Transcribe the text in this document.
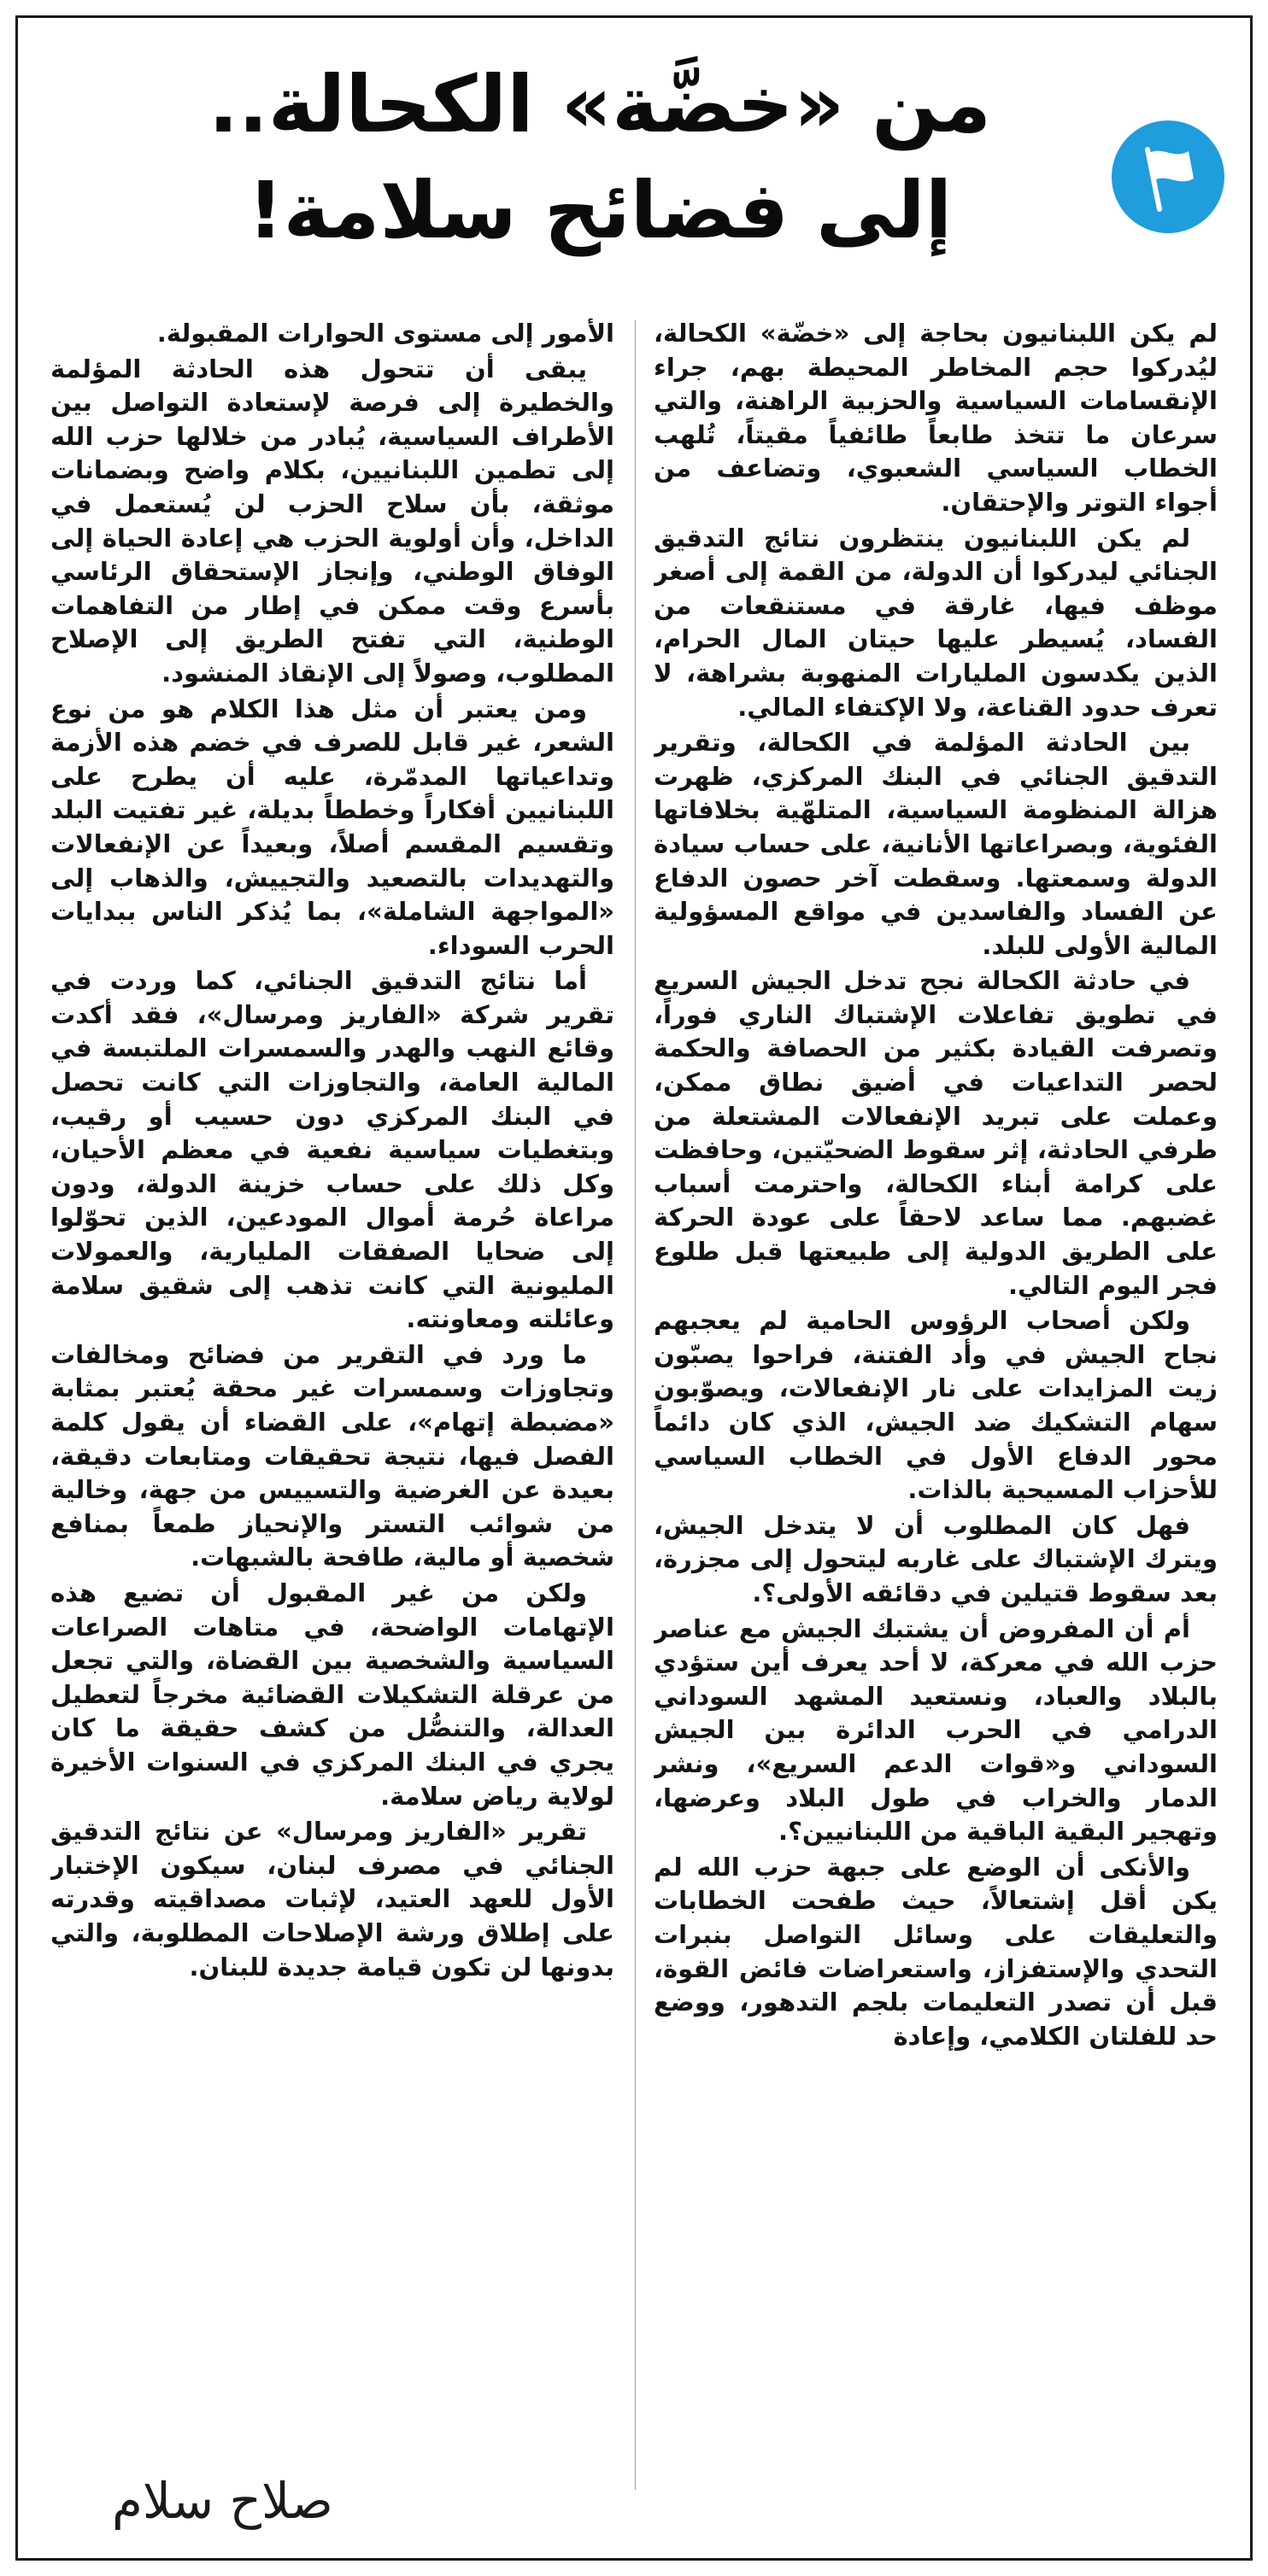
من «خضَّة» الكحالة..
إلى فضائح سلامة!

لم يكن اللبنانيون بحاجة إلى «خضّة» الكحالة، ليُدركوا حجم المخاطر المحيطة بهم، جراء الإنقسامات السياسية والحزبية الراهنة، والتي سرعان ما تتخذ طابعاً طائفياً مقيتاً، تُلهب الخطاب السياسي الشعبوي، وتضاعف من أجواء التوتر والإحتقان.

لم يكن اللبنانيون ينتظرون نتائج التدقيق الجنائي ليدركوا أن الدولة، من القمة إلى أصغر موظف فيها، غارقة في مستنقعات من الفساد، يُسيطر عليها حيتان المال الحرام، الذين يكدسون المليارات المنهوبة بشراهة، لا تعرف حدود القناعة، ولا الإكتفاء المالي.

بين الحادثة المؤلمة في الكحالة، وتقرير التدقيق الجنائي في البنك المركزي، ظهرت هزالة المنظومة السياسية، المتلهّية بخلافاتها الفئوية، وبصراعاتها الأنانية، على حساب سيادة الدولة وسمعتها. وسقطت آخر حصون الدفاع عن الفساد والفاسدين في مواقع المسؤولية المالية الأولى للبلد.

في حادثة الكحالة نجح تدخل الجيش السريع في تطويق تفاعلات الإشتباك الناري فوراً، وتصرفت القيادة بكثير من الحصافة والحكمة لحصر التداعيات في أضيق نطاق ممكن، وعملت على تبريد الإنفعالات المشتعلة من طرفي الحادثة، إثر سقوط الضحيّتين، وحافظت على كرامة أبناء الكحالة، واحترمت أسباب غضبهم. مما ساعد لاحقاً على عودة الحركة على الطريق الدولية إلى طبيعتها قبل طلوع فجر اليوم التالي.

ولكن أصحاب الرؤوس الحامية لم يعجبهم نجاح الجيش في وأد الفتنة، فراحوا يصبّون زيت المزايدات على نار الإنفعالات، ويصوّبون سهام التشكيك ضد الجيش، الذي كان دائماً محور الدفاع الأول في الخطاب السياسي للأحزاب المسيحية بالذات.

فهل كان المطلوب أن لا يتدخل الجيش، ويترك الإشتباك على غاربه ليتحول إلى مجزرة، بعد سقوط قتيلين في دقائقه الأولى؟.

أم أن المفروض أن يشتبك الجيش مع عناصر حزب الله في معركة، لا أحد يعرف أين ستؤدي بالبلاد والعباد، ونستعيد المشهد السوداني الدرامي في الحرب الدائرة بين الجيش السوداني و«قوات الدعم السريع»، ونشر الدمار والخراب في طول البلاد وعرضها، وتهجير البقية الباقية من اللبنانيين؟.

والأنكى أن الوضع على جبهة حزب الله لم يكن أقل إشتعالاً، حيث طفحت الخطابات والتعليقات على وسائل التواصل بنبرات التحدي والإستفزاز، واستعراضات فائض القوة، قبل أن تصدر التعليمات بلجم التدهور، ووضع حد للفلتان الكلامي، وإعادة

الأمور إلى مستوى الحوارات المقبولة.

يبقى أن تتحول هذه الحادثة المؤلمة والخطيرة إلى فرصة لإستعادة التواصل بين الأطراف السياسية، يُبادر من خلالها حزب الله إلى تطمين اللبنانيين، بكلام واضح وبضمانات موثقة، بأن سلاح الحزب لن يُستعمل في الداخل، وأن أولوية الحزب هي إعادة الحياة إلى الوفاق الوطني، وإنجاز الإستحقاق الرئاسي بأسرع وقت ممكن في إطار من التفاهمات الوطنية، التي تفتح الطريق إلى الإصلاح المطلوب، وصولاً إلى الإنقاذ المنشود.

ومن يعتبر أن مثل هذا الكلام هو من نوع الشعر، غير قابل للصرف في خضم هذه الأزمة وتداعياتها المدمّرة، عليه أن يطرح على اللبنانيين أفكاراً وخططاً بديلة، غير تفتيت البلد وتقسيم المقسم أصلاً، وبعيداً عن الإنفعالات والتهديدات بالتصعيد والتجييش، والذهاب إلى «المواجهة الشاملة»، بما يُذكر الناس ببدايات الحرب السوداء.

أما نتائج التدقيق الجنائي، كما وردت في تقرير شركة «الفاريز ومرسال»، فقد أكدت وقائع النهب والهدر والسمسرات الملتبسة في المالية العامة، والتجاوزات التي كانت تحصل في البنك المركزي دون حسيب أو رقيب، وبتغطيات سياسية نفعية في معظم الأحيان، وكل ذلك على حساب خزينة الدولة، ودون مراعاة حُرمة أموال المودعين، الذين تحوّلوا إلى ضحايا الصفقات المليارية، والعمولات المليونية التي كانت تذهب إلى شقيق سلامة وعائلته ومعاونته.

ما ورد في التقرير من فضائح ومخالفات وتجاوزات وسمسرات غير محقة يُعتبر بمثابة «مضبطة إتهام»، على القضاء أن يقول كلمة الفصل فيها، نتيجة تحقيقات ومتابعات دقيقة، بعيدة عن الغرضية والتسييس من جهة، وخالية من شوائب التستر والإنحياز طمعاً بمنافع شخصية أو مالية، طافحة بالشبهات.

ولكن من غير المقبول أن تضيع هذه الإتهامات الواضحة، في متاهات الصراعات السياسية والشخصية بين القضاة، والتي تجعل من عرقلة التشكيلات القضائية مخرجاً لتعطيل العدالة، والتنصُّل من كشف حقيقة ما كان يجري في البنك المركزي في السنوات الأخيرة لولاية رياض سلامة.

تقرير «الفاريز ومرسال» عن نتائج التدقيق الجنائي في مصرف لبنان، سيكون الإختبار الأول للعهد العتيد، لإثبات مصداقيته وقدرته على إطلاق ورشة الإصلاحات المطلوبة، والتي بدونها لن تكون قيامة جديدة للبنان.

صلاح سلام
